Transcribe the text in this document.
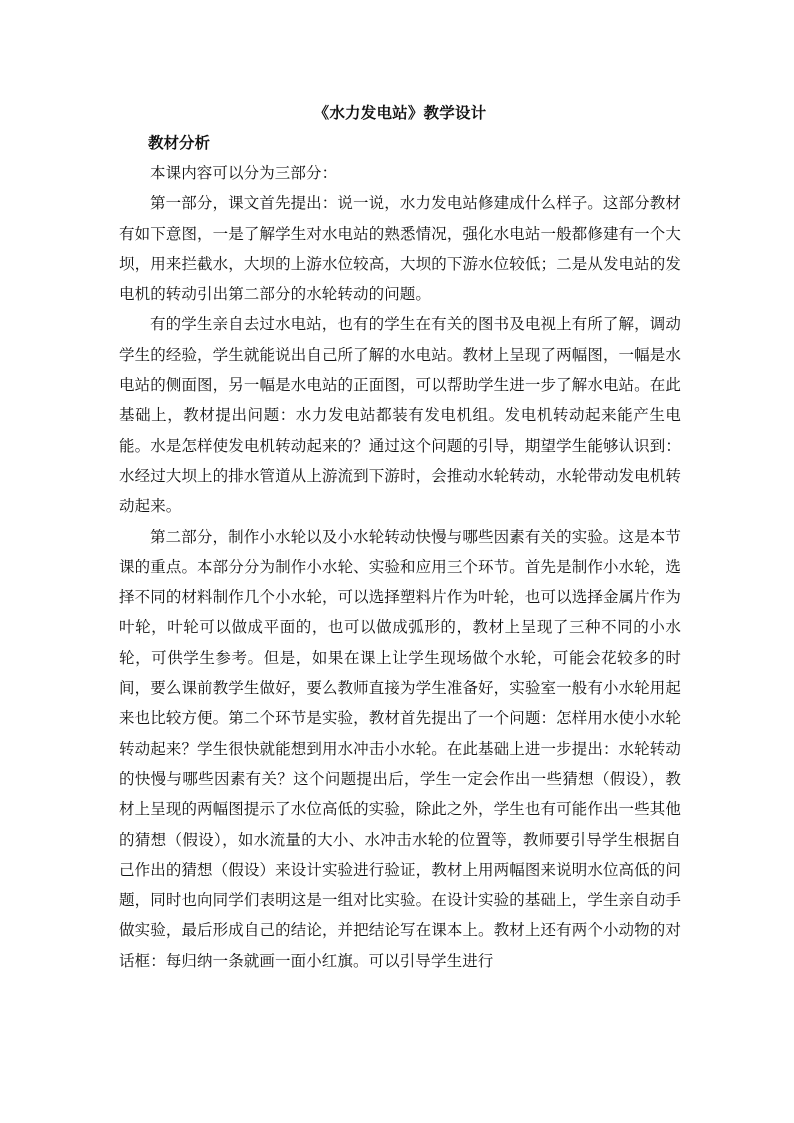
《水力发电站》教学设计
教材分析

本课内容可以分为三部分：

第一部分，课文首先提出：说一说，水力发电站修建成什么样子。这部分教材有如下意图，一是了解学生对水电站的熟悉情况，强化水电站一般都修建有一个大坝，用来拦截水，大坝的上游水位较高，大坝的下游水位较低；二是从发电站的发电机的转动引出第二部分的水轮转动的问题。

有的学生亲自去过水电站，也有的学生在有关的图书及电视上有所了解，调动学生的经验，学生就能说出自己所了解的水电站。教材上呈现了两幅图，一幅是水电站的侧面图，另一幅是水电站的正面图，可以帮助学生进一步了解水电站。在此基础上，教材提出问题：水力发电站都装有发电机组。发电机转动起来能产生电能。水是怎样使发电机转动起来的？通过这个问题的引导，期望学生能够认识到：水经过大坝上的排水管道从上游流到下游时，会推动水轮转动，水轮带动发电机转动起来。

第二部分，制作小水轮以及小水轮转动快慢与哪些因素有关的实验。这是本节课的重点。本部分分为制作小水轮、实验和应用三个环节。首先是制作小水轮，选择不同的材料制作几个小水轮，可以选择塑料片作为叶轮，也可以选择金属片作为叶轮，叶轮可以做成平面的，也可以做成弧形的，教材上呈现了三种不同的小水轮，可供学生参考。但是，如果在课上让学生现场做个水轮，可能会花较多的时间，要么课前教学生做好，要么教师直接为学生准备好，实验室一般有小水轮用起来也比较方便。第二个环节是实验，教材首先提出了一个问题：怎样用水使小水轮转动起来？学生很快就能想到用水冲击小水轮。在此基础上进一步提出：水轮转动的快慢与哪些因素有关？这个问题提出后，学生一定会作出一些猜想（假设），教材上呈现的两幅图提示了水位高低的实验，除此之外，学生也有可能作出一些其他的猜想（假设），如水流量的大小、水冲击水轮的位置等，教师要引导学生根据自己作出的猜想（假设）来设计实验进行验证，教材上用两幅图来说明水位高低的问题，同时也向同学们表明这是一组对比实验。在设计实验的基础上，学生亲自动手做实验，最后形成自己的结论，并把结论写在课本上。教材上还有两个小动物的对话框：每归纳一条就画一面小红旗。可以引导学生进行
